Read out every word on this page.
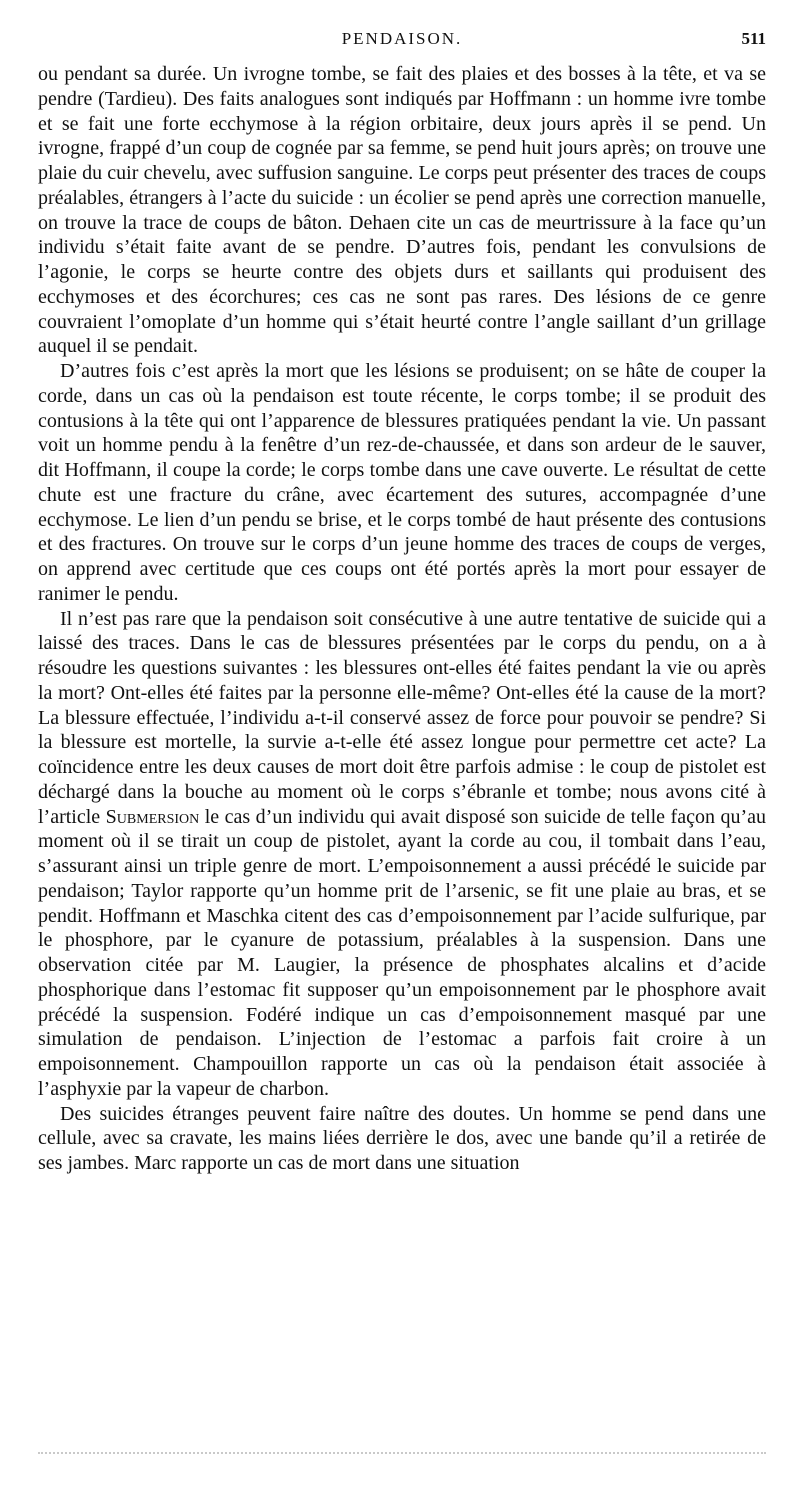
PENDAISON.	511

ou pendant sa durée. Un ivrogne tombe, se fait des plaies et des bosses à la tête, et va se pendre (Tardieu). Des faits analogues sont indiqués par Hoffmann : un homme ivre tombe et se fait une forte ecchymose à la région orbitaire, deux jours après il se pend. Un ivrogne, frappé d’un coup de cognée par sa femme, se pend huit jours après; on trouve une plaie du cuir chevelu, avec suffusion sanguine. Le corps peut présenter des traces de coups préalables, étrangers à l’acte du suicide : un écolier se pend après une correction manuelle, on trouve la trace de coups de bâton. Dehaen cite un cas de meurtrissure à la face qu’un individu s’était faite avant de se pendre. D’autres fois, pendant les convulsions de l’agonie, le corps se heurte contre des objets durs et saillants qui produisent des ecchymoses et des écorchures; ces cas ne sont pas rares. Des lésions de ce genre couvraient l’omoplate d’un homme qui s’était heurté contre l’angle saillant d’un grillage auquel il se pendait.

D’autres fois c’est après la mort que les lésions se produisent; on se hâte de couper la corde, dans un cas où la pendaison est toute récente, le corps tombe; il se produit des contusions à la tête qui ont l’apparence de blessures pratiquées pendant la vie. Un passant voit un homme pendu à la fenêtre d’un rez-de-chaussée, et dans son ardeur de le sauver, dit Hoffmann, il coupe la corde; le corps tombe dans une cave ouverte. Le résultat de cette chute est une fracture du crâne, avec écartement des sutures, accompagnée d’une ecchymose. Le lien d’un pendu se brise, et le corps tombé de haut présente des contusions et des fractures. On trouve sur le corps d’un jeune homme des traces de coups de verges, on apprend avec certitude que ces coups ont été portés après la mort pour essayer de ranimer le pendu.

Il n’est pas rare que la pendaison soit consécutive à une autre tentative de suicide qui a laissé des traces. Dans le cas de blessures présentées par le corps du pendu, on a à résoudre les questions suivantes : les blessures ont-elles été faites pendant la vie ou après la mort? Ont-elles été faites par la personne elle-même? Ont-elles été la cause de la mort? La blessure effectuée, l’individu a-t-il conservé assez de force pour pouvoir se pendre? Si la blessure est mortelle, la survie a-t-elle été assez longue pour permettre cet acte? La coïncidence entre les deux causes de mort doit être parfois admise : le coup de pistolet est déchargé dans la bouche au moment où le corps s’ébranle et tombe; nous avons cité à l’article Submersion le cas d’un individu qui avait disposé son suicide de telle façon qu’au moment où il se tirait un coup de pistolet, ayant la corde au cou, il tombait dans l’eau, s’assurant ainsi un triple genre de mort. L’empoisonnement a aussi précédé le suicide par pendaison; Taylor rapporte qu’un homme prit de l’arsenic, se fit une plaie au bras, et se pendit. Hoffmann et Maschka citent des cas d’empoisonnement par l’acide sulfurique, par le phosphore, par le cyanure de potassium, préalables à la suspension. Dans une observation citée par M. Laugier, la présence de phosphates alcalins et d’acide phosphorique dans l’estomac fit supposer qu’un empoisonnement par le phosphore avait précédé la suspension. Fodéré indique un cas d’empoisonnement masqué par une simulation de pendaison. L’injection de l’estomac a parfois fait croire à un empoisonnement. Champouillon rapporte un cas où la pendaison était associée à l’asphyxie par la vapeur de charbon.

Des suicides étranges peuvent faire naître des doutes. Un homme se pend dans une cellule, avec sa cravate, les mains liées derrière le dos, avec une bande qu’il a retirée de ses jambes. Marc rapporte un cas de mort dans une situation
